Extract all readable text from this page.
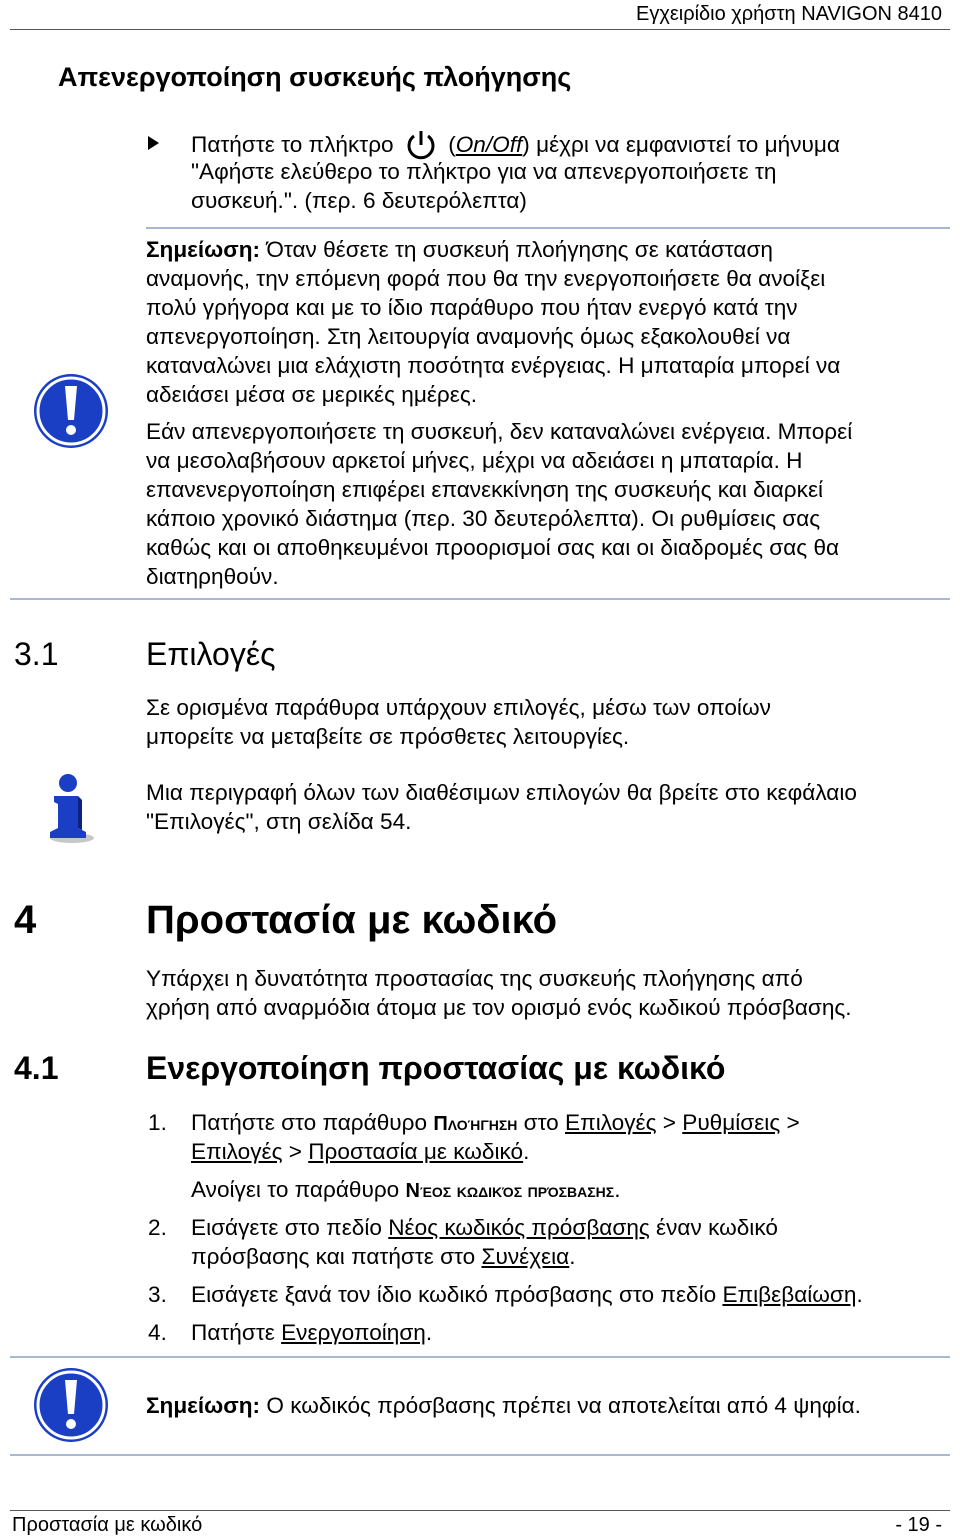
Εγχειρίδιο χρήστη NAVIGON 8410
Απενεργοποίηση συσκευής πλοήγησης
Πατήστε το πλήκτρο (On/Off) μέχρι να εμφανιστεί το μήνυμα
"Αφήστε ελεύθερο το πλήκτρο για να απενεργοποιήσετε τη
συσκευή.". (περ. 6 δευτερόλεπτα)
Σημείωση: Όταν θέσετε τη συσκευή πλοήγησης σε κατάσταση
αναμονής, την επόμενη φορά που θα την ενεργοποιήσετε θα ανοίξει
πολύ γρήγορα και με το ίδιο παράθυρο που ήταν ενεργό κατά την
απενεργοποίηση. Στη λειτουργία αναμονής όμως εξακολουθεί να
καταναλώνει μια ελάχιστη ποσότητα ενέργειας. Η μπαταρία μπορεί να
αδειάσει μέσα σε μερικές ημέρες.
Εάν απενεργοποιήσετε τη συσκευή, δεν καταναλώνει ενέργεια. Μπορεί
να μεσολαβήσουν αρκετοί μήνες, μέχρι να αδειάσει η μπαταρία. Η
επανενεργοποίηση επιφέρει επανεκκίνηση της συσκευής και διαρκεί
κάποιο χρονικό διάστημα (περ. 30 δευτερόλεπτα). Οι ρυθμίσεις σας
καθώς και οι αποθηκευμένοι προορισμοί σας και οι διαδρομές σας θα
διατηρηθούν.
3.1	Επιλογές
Σε ορισμένα παράθυρα υπάρχουν επιλογές, μέσω των οποίων
μπορείτε να μεταβείτε σε πρόσθετες λειτουργίες.
Μια περιγραφή όλων των διαθέσιμων επιλογών θα βρείτε στο κεφάλαιο
"Επιλογές", στη σελίδα 54.
4	Προστασία με κωδικό
Υπάρχει η δυνατότητα προστασίας της συσκευής πλοήγησης από
χρήση από αναρμόδια άτομα με τον ορισμό ενός κωδικού πρόσβασης.
4.1	Ενεργοποίηση προστασίας με κωδικό
1. Πατήστε στο παράθυρο Πλοήγηση στο Επιλογές > Ρυθμίσεις >
Επιλογές > Προστασία με κωδικό.
Ανοίγει το παράθυρο Νέος κωδικός πρόσβασης.
2. Εισάγετε στο πεδίο Νέος κωδικός πρόσβασης έναν κωδικό
πρόσβασης και πατήστε στο Συνέχεια.
3. Εισάγετε ξανά τον ίδιο κωδικό πρόσβασης στο πεδίο Επιβεβαίωση.
4. Πατήστε Ενεργοποίηση.
Σημείωση: Ο κωδικός πρόσβασης πρέπει να αποτελείται από 4 ψηφία.
Προστασία με κωδικό	- 19 -
